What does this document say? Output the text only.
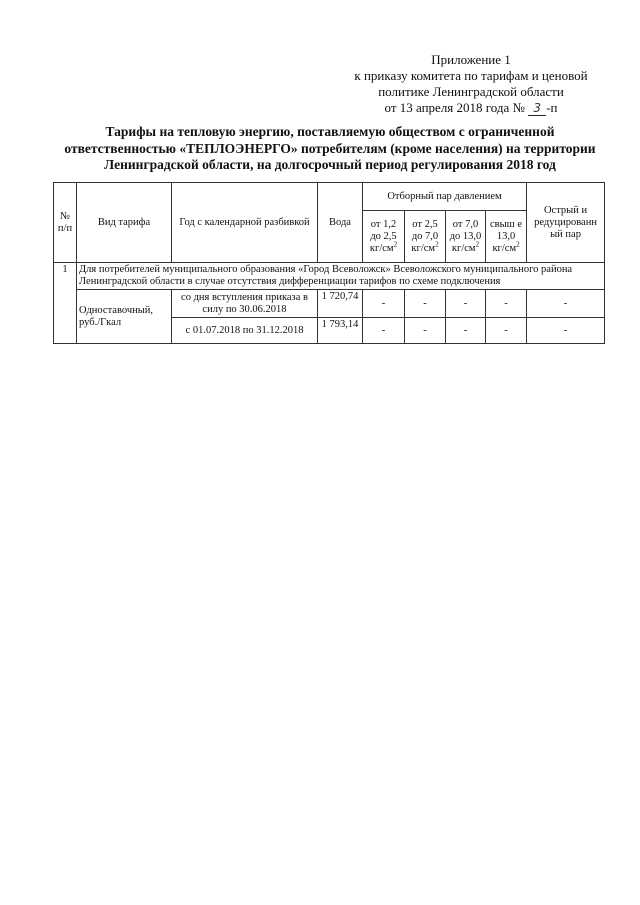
Приложение 1
к приказу комитета по тарифам и ценовой
политике Ленинградской области
от 13 апреля 2018 года № 3 -п
Тарифы на тепловую энергию, поставляемую обществом с ограниченной
ответственностью «ТЕПЛОЭНЕРГО» потребителям (кроме населения) на территории
Ленинградской области, на долгосрочный период регулирования 2018 год
№ п/п	Вид тарифа	Год с календарной разбивкой	Вода	Отборный пар давлением				Острый и редуцированн ый пар
				от 1,2 до 2,5 $кг/см^2$	от 2,5 до 7,0 $кг/см^2$	от 7,0 до 13,0 $кг/см^2$	свыш е 13,0 $кг/см^2$
1	Для потребителей муниципального образования «Город Всеволожск» Всеволожского муниципального района Ленинградской области в случае отсутствия дифференциации тарифов по схеме подключения							
	Одноставочный, руб./Гкал	со дня вступления приказа в силу по 30.06.2018	1 720,74	-	-	-	-	-
		с 01.07.2018 по 31.12.2018	1 793,14	-	-	-	-	-
